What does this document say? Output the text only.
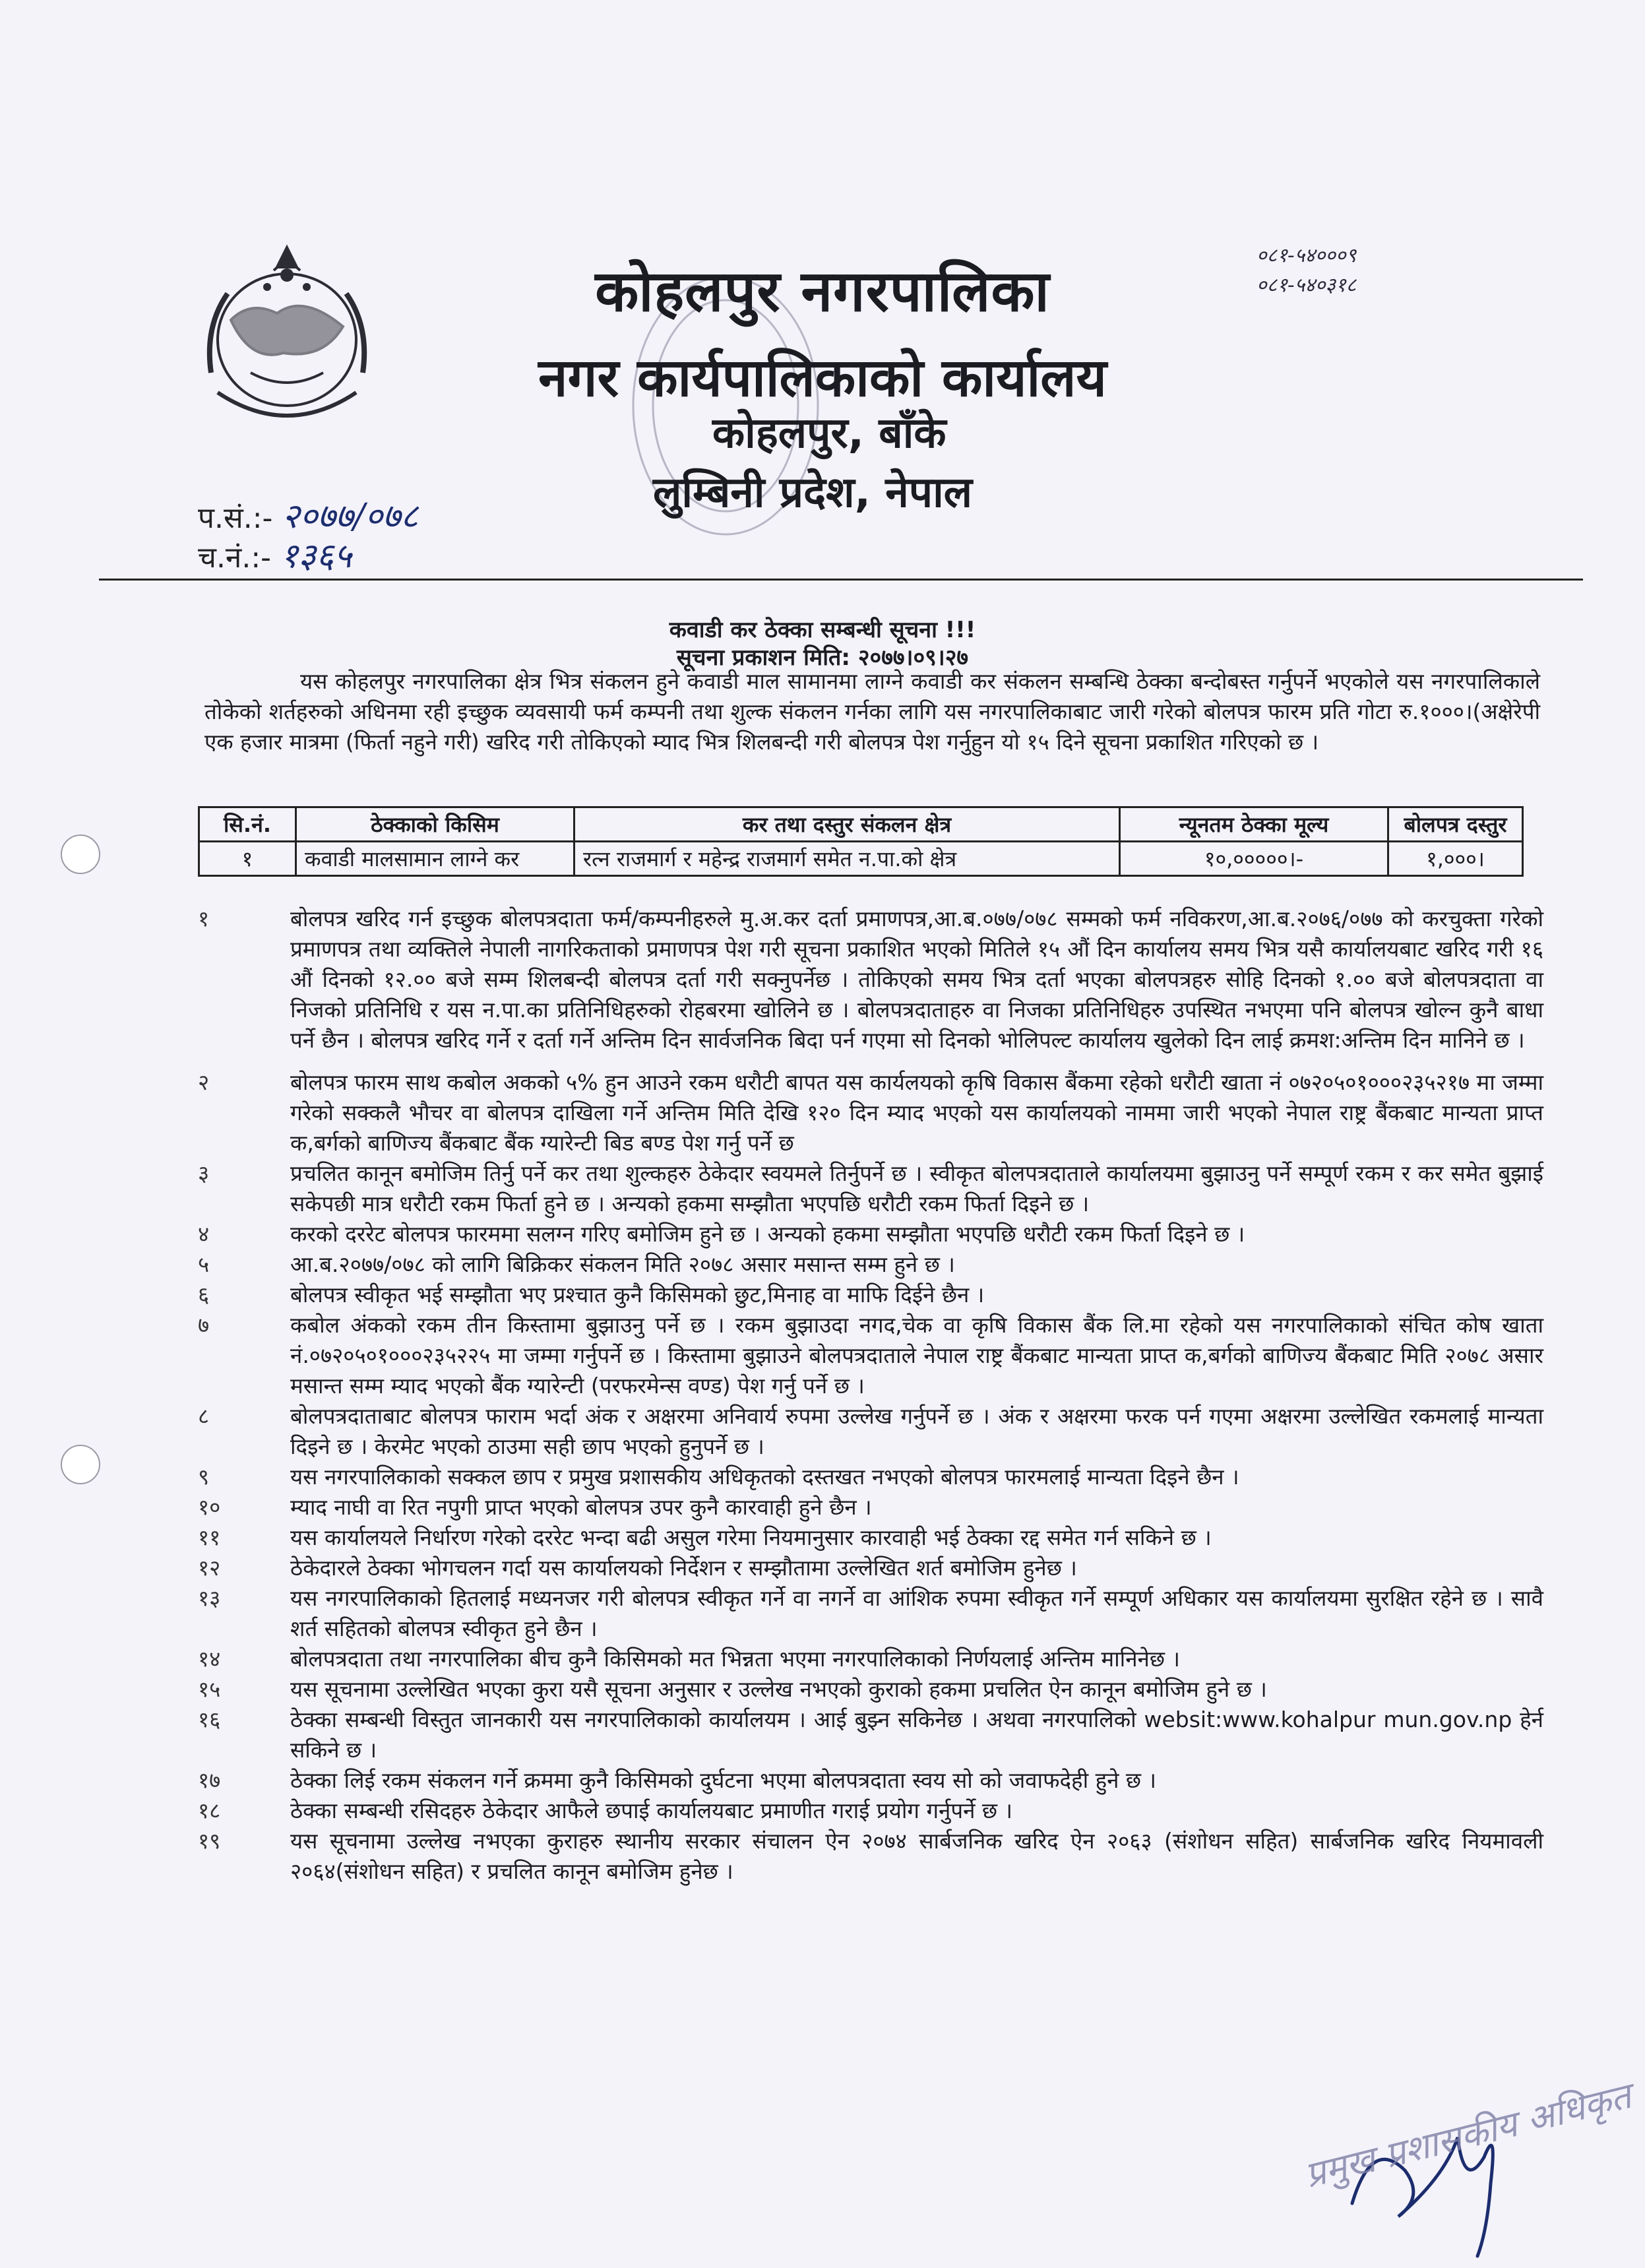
कोहलपुर नगरपालिका
नगर कार्यपालिकाको कार्यालय
कोहलपुर, बाँके
लुम्बिनी प्रदेश, नेपाल
०८१-५४०००९
०८१-५४०३१८
प.सं.:- २०७७/०७८
च.नं.:- १३६५
कवाडी कर ठेक्का सम्बन्धी सूचना !!!
सूचना प्रकाशन मिति: २०७७।०९।२७
यस कोहलपुर नगरपालिका क्षेत्र भित्र संकलन हुने कवाडी माल सामानमा लाग्ने कवाडी कर संकलन सम्बन्धि ठेक्का बन्दोबस्त गर्नुपर्ने भएकोले यस नगरपालिकाले तोकेको शर्तहरुको अधिनमा रही इच्छुक व्यवसायी फर्म कम्पनी तथा शुल्क संकलन गर्नका लागि यस नगरपालिकाबाट जारी गरेको बोलपत्र फारम प्रति गोटा रु.१०००।(अक्षेरेपी एक हजार मात्रमा (फिर्ता नहुने गरी) खरिद गरी तोकिएको म्याद भित्र शिलबन्दी गरी बोलपत्र पेश गर्नुहुन यो १५ दिने सूचना प्रकाशित गरिएको छ ।
सि.नं.	ठेक्काको किसिम	कर तथा दस्तुर संकलन क्षेत्र	न्यूनतम ठेक्का मूल्य	बोलपत्र दस्तुर
१	कवाडी मालसामान लाग्ने कर	रत्न राजमार्ग र महेन्द्र राजमार्ग समेत न.पा.को क्षेत्र	१०,०००००।-	१,०००।
१	बोलपत्र खरिद गर्न इच्छुक बोलपत्रदाता फर्म/कम्पनीहरुले मु.अ.कर दर्ता प्रमाणपत्र,आ.ब.०७७/०७८ सम्मको फर्म नविकरण,आ.ब.२०७६/०७७ को करचुक्ता गरेको प्रमाणपत्र तथा व्यक्तिले नेपाली नागरिकताको प्रमाणपत्र पेश गरी सूचना प्रकाशित भएको मितिले १५ औं दिन कार्यालय समय भित्र यसै कार्यालयबाट खरिद गरी १६ औं दिनको १२.०० बजे सम्म शिलबन्दी बोलपत्र दर्ता गरी सक्नुपर्नेछ । तोकिएको समय भित्र दर्ता भएका बोलपत्रहरु सोहि दिनको १.०० बजे बोलपत्रदाता वा निजको प्रतिनिधि र यस न.पा.का प्रतिनिधिहरुको रोहबरमा खोलिने छ । बोलपत्रदाताहरु वा निजका प्रतिनिधिहरु उपस्थित नभएमा पनि बोलपत्र खोल्न कुनै बाधा पर्ने छैन । बोलपत्र खरिद गर्ने र दर्ता गर्ने अन्तिम दिन सार्वजनिक बिदा पर्न गएमा सो दिनको भोलिपल्ट कार्यालय खुलेको दिन लाई क्रमश:अन्तिम दिन मानिने छ ।
२	बोलपत्र फारम साथ कबोल अकको ५% हुन आउने रकम धरौटी बापत यस कार्यलयको कृषि विकास बैंकमा रहेको धरौटी खाता नं ०७२०५०१०००२३५२१७ मा जम्मा गरेको सक्कलै भौचर वा बोलपत्र दाखिला गर्ने अन्तिम मिति देखि १२० दिन म्याद भएको यस कार्यालयको नाममा जारी भएको नेपाल राष्ट्र बैंकबाट मान्यता प्राप्त क,बर्गको बाणिज्य बैंकबाट बैंक ग्यारेन्टी बिड बण्ड पेश गर्नु पर्ने छ
३	प्रचलित कानून बमोजिम तिर्नु पर्ने कर तथा शुल्कहरु ठेकेदार स्वयमले तिर्नुपर्ने छ । स्वीकृत बोलपत्रदाताले कार्यालयमा बुझाउनु पर्ने सम्पूर्ण रकम र कर समेत बुझाई सकेपछी मात्र धरौटी रकम फिर्ता हुने छ । अन्यको हकमा सम्झौता भएपछि धरौटी रकम फिर्ता दिइने छ ।
४	करको दररेट बोलपत्र फारममा सलग्न गरिए बमोजिम हुने छ । अन्यको हकमा सम्झौता भएपछि धरौटी रकम फिर्ता दिइने छ ।
५	आ.ब.२०७७/०७८ को लागि बिक्रिकर संकलन मिति २०७८ असार मसान्त सम्म हुने छ ।
६	बोलपत्र स्वीकृत भई सम्झौता भए प्रश्चात कुनै किसिमको छुट,मिनाह वा माफि दिईने छैन ।
७	कबोल अंकको रकम तीन किस्तामा बुझाउनु पर्ने छ । रकम बुझाउदा नगद,चेक वा कृषि विकास बैंक लि.मा रहेको यस नगरपालिकाको संचित कोष खाता नं.०७२०५०१०००२३५२२५ मा जम्मा गर्नुपर्ने छ । किस्तामा बुझाउने बोलपत्रदाताले नेपाल राष्ट्र बैंकबाट मान्यता प्राप्त क,बर्गको बाणिज्य बैंकबाट मिति २०७८ असार मसान्त सम्म म्याद भएको बैंक ग्यारेन्टी (परफरमेन्स वण्ड) पेश गर्नु पर्ने छ ।
८	बोलपत्रदाताबाट बोलपत्र फाराम भर्दा अंक र अक्षरमा अनिवार्य रुपमा उल्लेख गर्नुपर्ने छ । अंक र अक्षरमा फरक पर्न गएमा अक्षरमा उल्लेखित रकमलाई मान्यता दिइने छ । केरमेट भएको ठाउमा सही छाप भएको हुनुपर्ने छ ।
९	यस नगरपालिकाको सक्कल छाप र प्रमुख प्रशासकीय अधिकृतको दस्तखत नभएको बोलपत्र फारमलाई मान्यता दिइने छैन ।
१०	म्याद नाघी वा रित नपुगी प्राप्त भएको बोलपत्र उपर कुनै कारवाही हुने छैन ।
११	यस कार्यालयले निर्धारण गरेको दररेट भन्दा बढी असुल गरेमा नियमानुसार कारवाही भई ठेक्का रद्द समेत गर्न सकिने छ ।
१२	ठेकेदारले ठेक्का भोगचलन गर्दा यस कार्यालयको निर्देशन र सम्झौतामा उल्लेखित शर्त बमोजिम हुनेछ ।
१३	यस नगरपालिकाको हितलाई मध्यनजर गरी बोलपत्र स्वीकृत गर्ने वा नगर्ने वा आंशिक रुपमा स्वीकृत गर्ने सम्पूर्ण अधिकार यस कार्यालयमा सुरक्षित रहेने छ । सावै शर्त सहितको बोलपत्र स्वीकृत हुने छैन ।
१४	बोलपत्रदाता तथा नगरपालिका बीच कुनै किसिमको मत भिन्नता भएमा नगरपालिकाको निर्णयलाई अन्तिम मानिनेछ ।
१५	यस सूचनामा उल्लेखित भएका कुरा यसै सूचना अनुसार र उल्लेख नभएको कुराको हकमा प्रचलित ऐन कानून बमोजिम हुने छ ।
१६	ठेक्का सम्बन्धी विस्तुत जानकारी यस नगरपालिकाको कार्यालयम । आई बुझ्न सकिनेछ । अथवा नगरपालिको websit:www.kohalpur mun.gov.np हेर्न सकिने छ ।
१७	ठेक्का लिई रकम संकलन गर्ने क्रममा कुनै किसिमको दुर्घटना भएमा बोलपत्रदाता स्वय सो को जवाफदेही हुने छ ।
१८	ठेक्का सम्बन्धी रसिदहरु ठेकेदार आफैले छपाई कार्यालयबाट प्रमाणीत गराई प्रयोग गर्नुपर्ने छ ।
१९	यस सूचनामा उल्लेख नभएका कुराहरु स्थानीय सरकार संचालन ऐन २०७४ सार्बजनिक खरिद ऐन २०६३ (संशोधन सहित) सार्बजनिक खरिद नियमावली २०६४(संशोधन सहित) र प्रचलित कानून बमोजिम हुनेछ ।
प्रमुख प्रशासकीय अधिकृत
